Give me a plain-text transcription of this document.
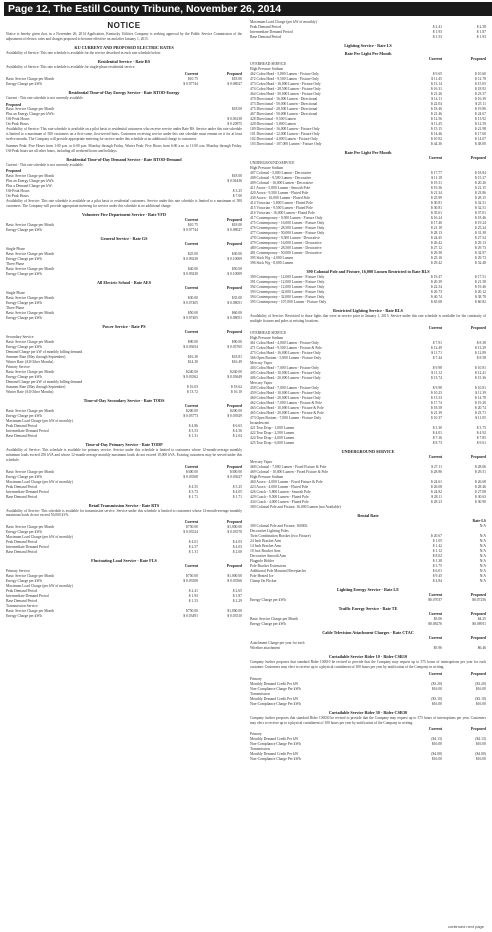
Page 12, The Estill County Tribune, November 26, 2014
NOTICE
Notice is hereby given that, in a November 26, 2014 Application, Kentucky Utilities Company is seeking approval by the Public Service Commission of the adjustment of electric rates and charges proposed to become effective on and after January 1, 2015.
KU CURRENT AND PROPOSED ELECTRIC RATES
Availability of Service: This rate schedule is available for the service described in each rate schedule below.
Residential Service - Rate RS
Availability of Service: This rate schedule is available for single-phase residential service.
Current	Proposed
Basic Service Charge per Month	$10.75	$18.00
Energy Charge per kWh	$ 0.07744	$ 0.08027
Residential Time-of-Day Energy Service - Rate RTOD-Energy
Current - This rate schedule is not currently available.
Proposed
Basic Service Charge per Month	$18.00
Plus an Energy Charge per kWh:
Off-Peak Hours	$ 0.06138
On-Peak Hours	$ 0.20875
Availability of Service: This rate schedule is available on a pilot basis to residential customers who receive service under Rate RS. Service under this rate schedule is limited to a maximum of 500 customers on a first-come, first-served basis. Customers receiving service under this rate schedule must remain on it for at least twelve months. The Company will provide appropriate metering for service under this schedule at no additional charge to customers.
Summer Peak: Five Hours from 1:00 p.m. to 6:00 p.m. Monday through Friday. Winter Peak: Five Hours from 6:00 a.m. to 11:00 a.m. Monday through Friday. Off-Peak hours are all other hours, including all weekend hours and holidays.
Residential Time-of-Day Demand Service - Rate RTOD-Demand
Current - This rate schedule is not currently available.
Proposed
Basic Service Charge per Month	$18.00
Plus an Energy Charge per kWh	$ 0.04436
Plus a Demand Charge per kW:
Off-Peak Hours	$ 3.25
On-Peak Hours	$ 7.00
Availability of Service: This rate schedule is available on a pilot basis to residential customers. Service under this rate schedule is limited to a maximum of 500 customers. The Company will provide appropriate metering for service under this schedule at no additional charge.
Volunteer Fire Department Service - Rate VFD
Current	Proposed
Basic Service Charge per Month	$10.75	$18.00
Energy Charge per kWh	$ 0.07744	$ 0.08027
General Service - Rate GS
Current	Proposed
Single Phase
Basic Service Charge per Month	$25.00	$30.00
Energy Charge per kWh	$ 0.09230	$ 0.10009
Three Phase
Basic Service Charge per Month	$40.00	$50.00
Energy Charge per kWh	$ 0.09230	$ 0.10009
All Electric School - Rate AES
Current	Proposed
Single Phase
Basic Service Charge per Month	$30.00	$35.00
Energy Charge per kWh	$ 0.07405	$ 0.08051
Three Phase
Basic Service Charge per Month	$50.00	$60.00
Energy Charge per kWh	$ 0.07405	$ 0.08051
Power Service - Rate PS
Current	Proposed
Secondary Service
Basic Service Charge per Month	$90.00	$90.00
Energy Charge per kWh	$ 0.03654	$ 0.03765
Demand Charge per kW of monthly billing demand
Summer Rate (May through September)	$16.30	$18.81
Winter Rate (All Other Months)	$14.30	$16.49
Primary Service
Basic Service Charge per Month	$240.00	$240.00
Energy Charge per kWh	$ 0.03562	$ 0.03649
Demand Charge per kW of monthly billing demand
Summer Rate (May through September)	$ 16.03	$ 18.62
Winter Rate (All Other Months)	$ 13.72	$ 16.10
Time-of-Day Secondary Service - Rate TODS
Current	Proposed
Basic Service Charge per Month	$200.00	$200.00
Energy Charge per kWh	$ 0.03773	$ 0.03929
Maximum Load Charge (per kW of monthly)
Peak Demand Period	$ 4.86	$ 6.63
Intermediate Demand Period	$ 3.53	$ 4.56
Base Demand Period	$ 1.31	$ 2.04
Time-of-Day Primary Service - Rate TODP
Availability of Service: This schedule is available for primary service. Service under this schedule is limited to customers whose 12-month-average monthly minimum loads exceed 250 kVA and whose 12-month-average monthly maximum loads do not exceed 10,000 kVA. Existing customers may be served under this schedule.
Current	Proposed
Basic Service Charge per Month	$300.00	$300.00
Energy Charge per kWh	$ 0.03568	$ 0.03627
Maximum Load Charge (per kW of monthly)
Peak Demand Period	$ 4.55	$ 5.25
Intermediate Demand Period	$ 3.73	$ 4.05
Base Demand Period	$ 1.71	$ 1.71
Retail Transmission Service - Rate RTS
Availability of Service: This schedule is available for transmission service. Service under this schedule is limited to customers whose 12-month-average monthly maximum loads do not exceed 50,000 kVA.
Current	Proposed
Basic Service Charge per Month	$750.00	$1,000.00
Energy Charge per kWh	$ 0.03524	$ 0.03570
Maximum Load Charge (per kW of monthly)
Peak Demand Period	$ 4.01	$ 4.03
Intermediate Demand Period	$ 2.57	$ 4.03
Base Demand Period	$ 1.31	$ 2.00
Fluctuating Load Service - Rate FLS
Current	Proposed
Primary Service
Basic Service Charge per Month	$750.00	$1,000.00
Energy Charge per kWh	$ 0.03508	$ 0.03566
Maximum Load Charge (per kW of monthly)
Peak Demand Period	$ 2.41	$ 2.65
Intermediate Demand Period	$ 1.93	$ 1.87
Base Demand Period	$ 1.53	$ 2.29
Transmission Service
Basic Service Charge per Month	$750.00	$1,000.00
Energy Charge per kWh	$ 0.03491	$ 0.03510
Maximum Load Charge (per kW of monthly)
Peak Demand Period	$ 2.41	$ 2.58
Intermediate Demand Period	$ 1.93	$ 1.87
Base Demand Period	$ 1.53	$ 1.93
Lighting Service - Rate LS
Rate Per Light Per Month
Current	Proposed
OVERHEAD SERVICE
High Pressure Sodium
462 Cobra Head - 5,800 Lumen - Fixture Only	$ 9.65	$ 10.60
472 Cobra Head - 9,500 Lumen - Fixture Only	$ 11.45	$ 12.78
473 Cobra Head - 16,000 Lumen - Fixture Only	$ 13.14	$ 15.05
474 Cobra Head - 28,500 Lumen - Fixture Only	$ 16.31	$ 18.92
464 Cobra Head - 50,000 Lumen - Fixture Only	$ 21.26	$ 23.57
470 Directional - 16,000 Lumen - Directional	$ 14.11	$ 16.39
473 Directional - 50,000 Lumen - Directional	$ 22.04	$ 25.11
475 Directional - 28,500 Lumen - Directional	$ 18.40	$ 19.86
467 Directional - 50,000 Lumen - Directional	$ 21.46	$ 24.67
428 Directional - 9,500 Lumen	$ 12.56	$ 13.92
428 Directional - 5,800 Lumen	$ 11.45	$ 12.59
100 Directional - 16,000 Lumen - Fixture Only	$ 15.15	$ 21.98
101 Directional - 12,000 Lumen - Fixture Only	$ 14.46	$ 17.60
102 Directional - 4,000 Lumen - Fixture Only	$ 10.92	$ 14.07
103 Directional - 107,000 Lumen - Fixture Only	$ 44.36	$ 48.00
Rate Per Light Per Month
Current	Proposed
UNDERGROUND SERVICE
High Pressure Sodium
407 Colonial - 5,800 Lumen - Decorative	$ 17.77	$ 18.84
408 Colonial - 9,500 Lumen - Decorative	$ 11.18	$ 15.27
409 Colonial - 16,000 Lumen - Decorative	$ 19.31	$ 20.26
411 Acorn - 5,800 Lumen - Smooth Pole	$ 19.36	$ 21.15
420 Acorn - 9,500 Lumen - Fluted Pole	$ 21.34	$ 23.86
430 Acorn - 16,000 Lumen - Fluted Pole	$ 25.99	$ 28.15
414 Victorian - 5,800 Lumen - Fluted Pole	$ 30.81	$ 32.51
415 Victorian - 9,500 Lumen - Fluted Pole	$ 30.81	$ 32.51
416 Victorian - 16,000 Lumen - Fluted Pole	$ 35.61	$ 37.01
417 Contemporary - 9,500 Lumen - Fixture Only	$ 16.24	$ 18.46
475 Contemporary - 16,000 Lumen - Fixture Only	$ 17.40	$ 19.24
476 Contemporary - 28,500 Lumen - Fixture Only	$ 21.18	$ 25.24
477 Contemporary - 50,000 Lumen - Fixture Only	$ 28.13	$ 31.38
478 Contemporary - 9,500 Lumen - Decorative	$ 24.45	$ 27.54
479 Contemporary - 16,000 Lumen - Decorative	$ 26.42	$ 29.13
480 Contemporary - 28,500 Lumen - Decorative	$ 27.12	$ 29.73
481 Contemporary - 50,000 Lumen - Decorative	$ 29.38	$ 32.97
395 Stick Wg - 4,000 Lumen	$ 25.10	$ 29.73
396 Stick Wg - 8,000 Lumen	$ 29.42	$ 32.48
390 Colonial Pole and Fixture, 16,000 Lumen Restricted to Rate RLS
390 Contemporary - 12,000 Lumen - Fixture Only	$ 19.47	$ 17.51
391 Contemporary - 12,000 Lumen - Fixture Only	$ 20.39	$ 21.58
392 Contemporary - 12,000 Lumen - Fixture Only	$ 22.54	$ 19.46
393 Contemporary - 32,000 Lumen - Fixture Only	$ 26.73	$ 20.12
394 Contemporary - 32,000 Lumen - Fixture Only	$ 40.74	$ 38.78
395 Contemporary - 107,000 Lumen - Fixture Only	$ 65.08	$ 60.82
Restricted Lighting Service - Rate RLS
Availability of Service: Restricted to those lights that were in service prior to January 1, 2015. Service under this rate schedule is available for the continuity of multiple fixtures and poles at existing locations.
Current	Proposed
OVERHEAD SERVICE
High Pressure Sodium
461 Cobra Head - 4,000 Lumen - Fixture Only	$ 7.91	$ 8.38
471 Cobra Head - 9,500 Lumen - Fixture & Pole	$ 12.49	$ 13.29
473 Cobra Head - 16,000 Lumen - Fixture Only	$ 11.71	$ 12.89
366 Open Bottom - 5,800 Lumen - Fixture Only	$ 7.44	$ 8.58
Mercury Vapor
404 Cobra Head - 7,000 Lumen - Fixture Only	$ 9.98	$ 10.81
405 Cobra Head - 10,000 Lumen - Fixture Only	$ 11.12	$ 12.41
406 Cobra Head - 20,000 Lumen - Fixture Only	$ 13.74	$ 15.36
Mercury Vapor
458 Cobra Head - 7,000 Lumen - Fixture Only	$ 9.98	$ 10.81
459 Cobra Head - 10,000 Lumen - Fixture Only	$ 10.23	$ 11.39
460 Cobra Head - 20,000 Lumen - Fixture Only	$ 13.53	$ 14.78
462 Cobra Head - 7,000 Lumen - Fixture & Pole	$ 17.74	$ 19.20
463 Cobra Head - 10,000 Lumen - Fixture & Pole	$ 18.58	$ 20.74
465 Cobra Head - 20,000 Lumen - Fixture & Pole	$ 21.39	$ 23.71
473 Open Bottom - 7,000 Lumen - Fixture Only	$ 10.37	$ 11.05
Incandescent
421 Tear Drop - 1,000 Lumen	$ 3.30	$ 3.75
422 Tear Drop - 2,500 Lumen	$ 4.01	$ 4.92
424 Tear Drop - 4,000 Lumen	$ 7.16	$ 7.85
425 Tear Drop - 6,000 Lumen	$ 8.73	$ 9.61
UNDERGROUND SERVICE
Current	Proposed
Mercury Vapor
468 Colonial - 7,000 Lumen - Fixed Fixture & Pole	$ 27.11	$ 28.06
469 Colonial - 10,000 Lumen - Fixed Fixture & Pole	$ 28.86	$ 29.51
High Pressure Sodium
460 Acorn - 4,000 Lumen - Fixed Fixture & Pole	$ 24.61	$ 26.68
423 Acorn - 4,000 Lumen - Fluted Pole	$ 26.08	$ 28.46
426 Coach - 5,800 Lumen - Smooth Pole	$ 24.82	$ 27.08
429 Coach - 9,500 Lumen - Fluted Pole	$ 28.11	$ 30.63
434 Coach - 4,000 Lumen - Fluted Pole	$ 28.23	$ 30.90
300 Colonial Pole and Fixture, 16,000 Lumen (not Available)
Rental Rate
Rate-LS
300 Colonial Pole and Fixture, 16000L	N/A
Decorative Lighting Poles
Twin Combination Bracket (two Fixture)	$ 20.67	N/A
24 Inch Bracket Arm	$ 1.05	N/A
14 Inch Bracket Arm	$ 1.42	N/A
10 foot Bracket Arm	$ 1.12	N/A
Decorative Smooth Arm	$ 8.02	N/A
Flagpole Holder	$ 1.38	N/A
Pole Bracket Extensions	$ 3.75	N/A
Additional Pole Mounted Receptacles	$ 6.01	N/A
Pole Heated Ice	$ 9.45	N/A
Clamp On Flicker	$ 4.84	N/A
Lighting Energy Service - Rate LE
Current	Proposed
Energy Charge per kWh	$0.07037	$0.07256
Traffic Energy Service - Rate TE
Current	Proposed
Basic Service Charge per Month	$3.06	$4.25
Energy Charge per kWh	$0.08276	$0.08911
Cable Television Attachment Charges - Rate CTAC
Current	Proposed
Attachment Charge per year for each
Wireline attachment	$5.96	$6.46
Curtailable Service Rider 10 - Rider CSR10
Company further proposes that standard Rider CSR10 be revised to provide that the Company may request up to 375 hours of interruptions per year for each customer. Customers may elect to receive up to a physical curtailment of 100 hours per year by notification of the Company in writing.
Current	Proposed
Primary
Monthly Demand Credit Per kW	($3.20)	($3.20)
Non-Compliance Charge Per kWh	$16.00	$16.00
Transmission
Monthly Demand Credit Per kW	($3.10)	($3.10)
Non-Compliance Charge Per kWh	$16.00	$16.00
Curtailable Service Rider 30 - Rider CSR30
Company further proposes that standard Rider CSR30 be revised to provide that the Company may request up to 375 hours of interruptions per year. Customers may elect to receive up to a physical curtailment of 100 hours per year by notification of the Company in writing.
Current	Proposed
Primary
Monthly Demand Credit Per kW	($4.13)	($4.13)
Non-Compliance Charge Per kWh	$16.00	$16.00
Transmission
Monthly Demand Credit Per kW	($4.00)	($4.00)
Non-Compliance Charge Per kWh	$16.00	$16.00
continued next page
